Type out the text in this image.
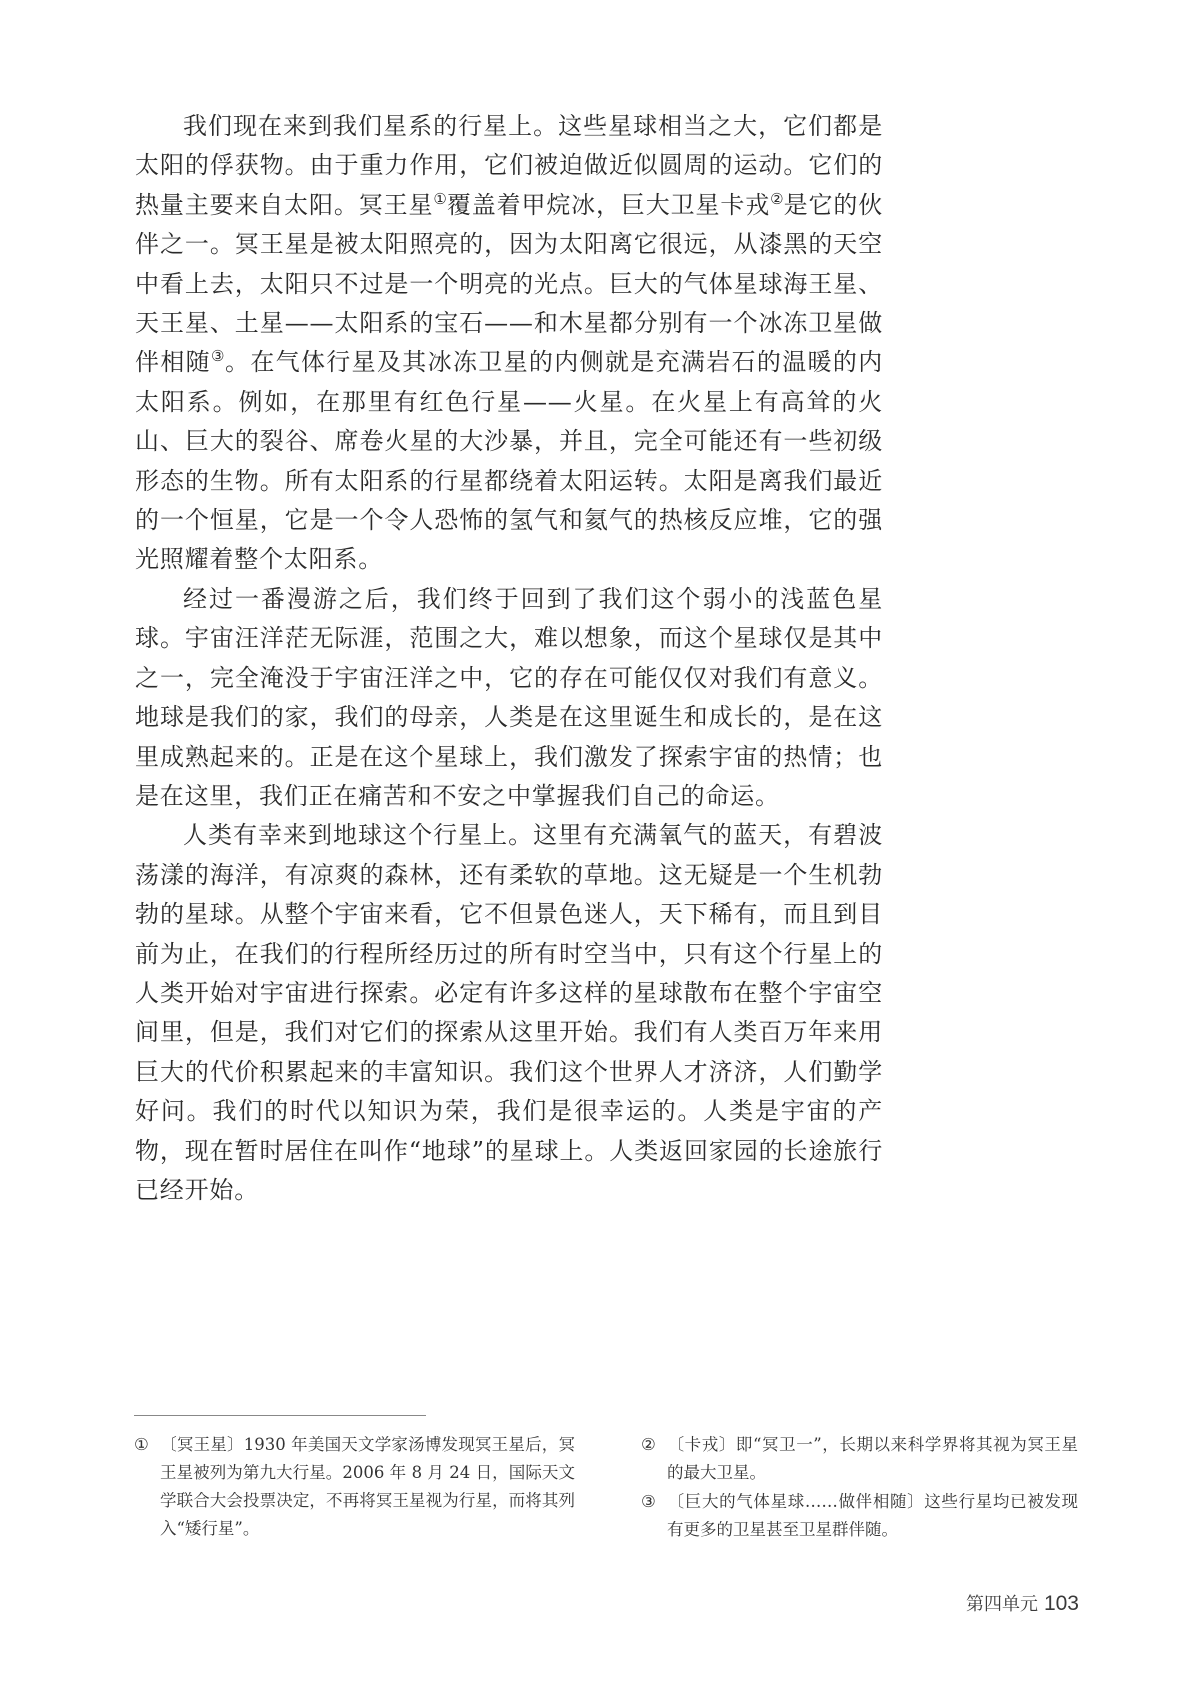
我们现在来到我们星系的行星上。这些星球相当之大，它们都是太阳的俘获物。由于重力作用，它们被迫做近似圆周的运动。它们的热量主要来自太阳。冥王星①覆盖着甲烷冰，巨大卫星卡戎②是它的伙伴之一。冥王星是被太阳照亮的，因为太阳离它很远，从漆黑的天空中看上去，太阳只不过是一个明亮的光点。巨大的气体星球海王星、天王星、土星——太阳系的宝石——和木星都分别有一个冰冻卫星做伴相随③。在气体行星及其冰冻卫星的内侧就是充满岩石的温暖的内太阳系。例如，在那里有红色行星——火星。在火星上有高耸的火山、巨大的裂谷、席卷火星的大沙暴，并且，完全可能还有一些初级形态的生物。所有太阳系的行星都绕着太阳运转。太阳是离我们最近的一个恒星，它是一个令人恐怖的氢气和氦气的热核反应堆，它的强光照耀着整个太阳系。

经过一番漫游之后，我们终于回到了我们这个弱小的浅蓝色星球。宇宙汪洋茫无际涯，范围之大，难以想象，而这个星球仅是其中之一，完全淹没于宇宙汪洋之中，它的存在可能仅仅对我们有意义。地球是我们的家，我们的母亲，人类是在这里诞生和成长的，是在这里成熟起来的。正是在这个星球上，我们激发了探索宇宙的热情；也是在这里，我们正在痛苦和不安之中掌握我们自己的命运。

人类有幸来到地球这个行星上。这里有充满氧气的蓝天，有碧波荡漾的海洋，有凉爽的森林，还有柔软的草地。这无疑是一个生机勃勃的星球。从整个宇宙来看，它不但景色迷人，天下稀有，而且到目前为止，在我们的行程所经历过的所有时空当中，只有这个行星上的人类开始对宇宙进行探索。必定有许多这样的星球散布在整个宇宙空间里，但是，我们对它们的探索从这里开始。我们有人类百万年来用巨大的代价积累起来的丰富知识。我们这个世界人才济济，人们勤学好问。我们的时代以知识为荣，我们是很幸运的。人类是宇宙的产物，现在暂时居住在叫作“地球”的星球上。人类返回家园的长途旅行已经开始。

① 〔冥王星〕1930 年美国天文学家汤博发现冥王星后，冥王星被列为第九大行星。2006 年 8 月 24 日，国际天文学联合大会投票决定，不再将冥王星视为行星，而将其列入“矮行星”。

② 〔卡戎〕即“冥卫一”，长期以来科学界将其视为冥王星的最大卫星。

③ 〔巨大的气体星球……做伴相随〕这些行星均已被发现有更多的卫星甚至卫星群伴随。

第四单元 103
